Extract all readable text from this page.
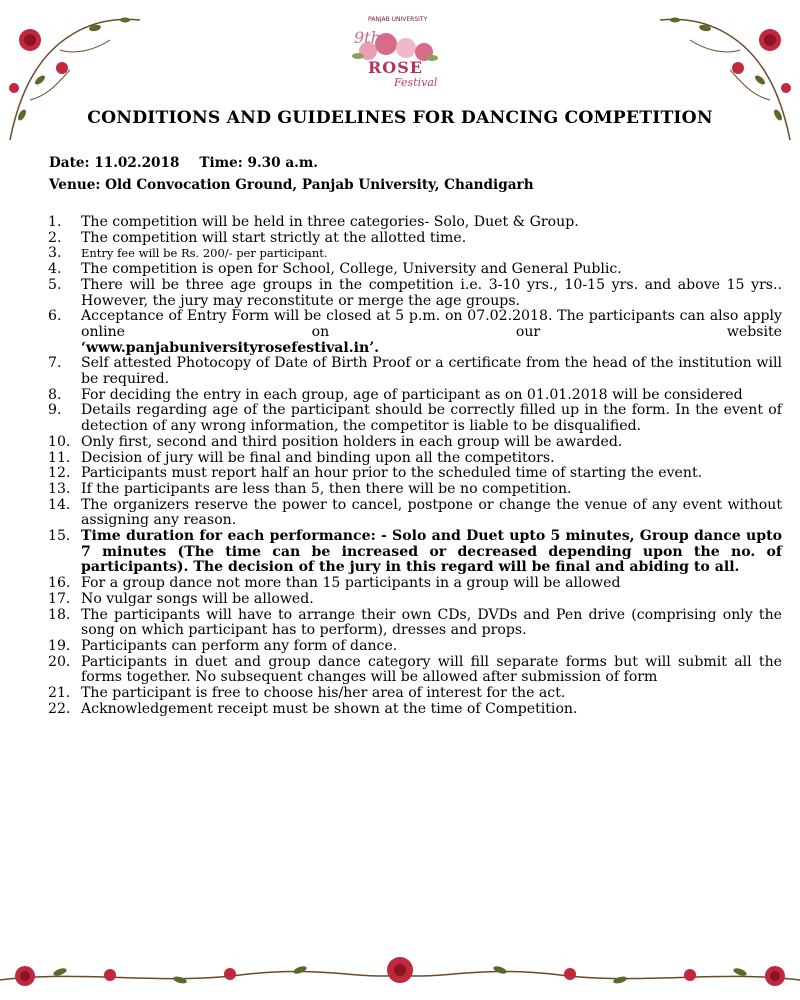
PANJAB UNIVERSITY
9th
ROSE
Festival
CONDITIONS AND GUIDELINES FOR DANCING COMPETITION
Date: 11.02.2018 Time: 9.30 a.m.
Venue: Old Convocation Ground, Panjab University, Chandigarh
1.	The competition will be held in three categories- Solo, Duet & Group.
2.	The competition will start strictly at the allotted time.
3.	Entry fee will be Rs. 200/- per participant.
4.	The competition is open for School, College, University and General Public.
5.	There will be three age groups in the competition i.e. 3-10 yrs., 10-15 yrs. and above 15 yrs.. However, the jury may reconstitute or merge the age groups.
6.	Acceptance of Entry Form will be closed at 5 p.m. on 07.02.2018. The participants can also apply online on our website
‘www.panjabuniversityrosefestival.in’.
7.	Self attested Photocopy of Date of Birth Proof or a certificate from the head of the institution will be required.
8.	For deciding the entry in each group, age of participant as on 01.01.2018 will be considered
9.	Details regarding age of the participant should be correctly filled up in the form. In the event of detection of any wrong information, the competitor is liable to be disqualified.
10. Only first, second and third position holders in each group will be awarded.
11. Decision of jury will be final and binding upon all the competitors.
12. Participants must report half an hour prior to the scheduled time of starting the event.
13. If the participants are less than 5, then there will be no competition.
14. The organizers reserve the power to cancel, postpone or change the venue of any event without assigning any reason.
15. Time duration for each performance: - Solo and Duet upto 5 minutes, Group dance upto 7 minutes (The time can be increased or decreased depending upon the no. of participants). The decision of the jury in this regard will be final and abiding to all.
16. For a group dance not more than 15 participants in a group will be allowed
17. No vulgar songs will be allowed.
18. The participants will have to arrange their own CDs, DVDs and Pen drive (comprising only the song on which participant has to perform), dresses and props.
19. Participants can perform any form of dance.
20. Participants in duet and group dance category will fill separate forms but will submit all the forms together. No subsequent changes will be allowed after submission of form
21. The participant is free to choose his/her area of interest for the act.
22. Acknowledgement receipt must be shown at the time of Competition.
